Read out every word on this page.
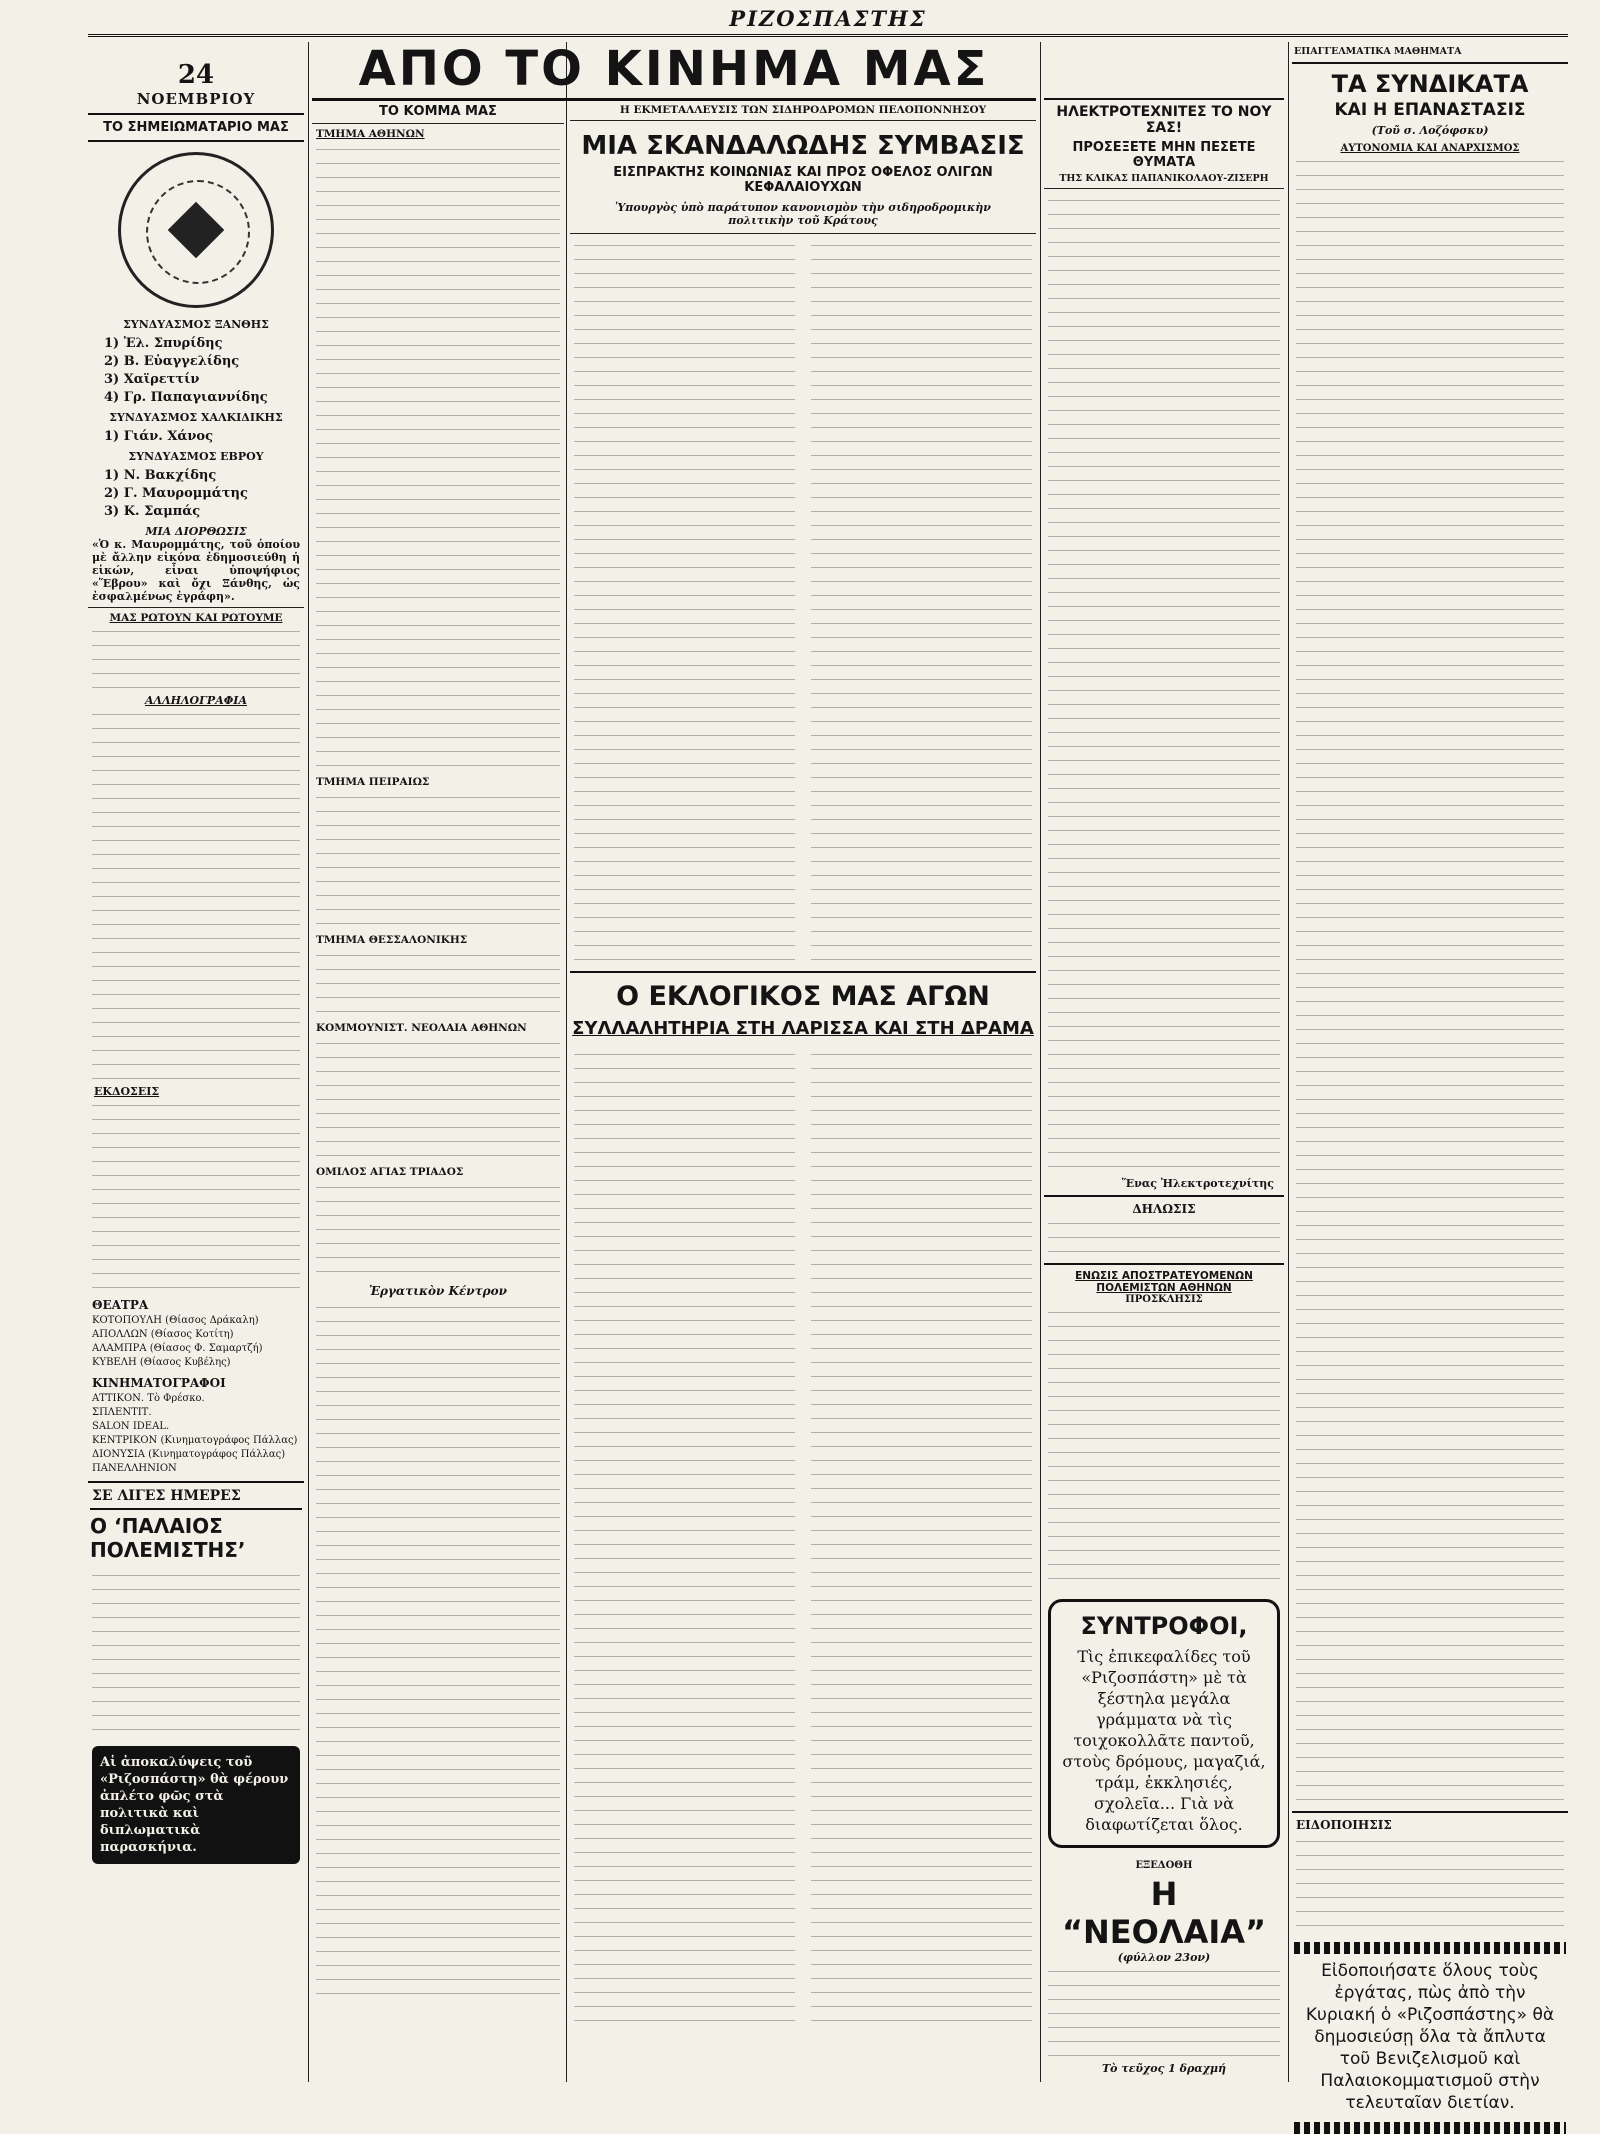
ΡΙΖΟΣΠΑΣΤΗΣ
24
ΝΟΕΜΒΡΙΟΥ
ΤΟ ΣΗΜΕΙΩΜΑΤΑΡΙΟ ΜΑΣ
ΣΥΝΔΥΑΣΜΟΣ ΞΑΝΘΗΣ
1) Ἐλ. Σπυρίδης
2) Β. Εὐαγγελίδης
3) Χαϊρεττίν
4) Γρ. Παπαγιαννίδης
ΣΥΝΔΥΑΣΜΟΣ ΧΑΛΚΙΔΙΚΗΣ
1) Γιάν. Χάνος
ΣΥΝΔΥΑΣΜΟΣ ΕΒΡΟΥ
1) Ν. Βακχίδης
2) Γ. Μαυρομμάτης
3) Κ. Σαμπάς
ΜΙΑ ΔΙΟΡΘΩΣΙΣ
«Ὁ κ. Μαυρομμάτης, τοῦ ὁποίου μὲ ἄλλην εἰκόνα ἐδημοσιεύθη ἡ εἰκών, εἶναι ὑποψήφιος «Ἕβρου» καὶ ὄχι Ξάνθης, ὡς ἐσφαλμένως ἐγράφη».
ΜΑΣ ΡΩΤΟΥΝ ΚΑΙ ΡΩΤΟΥΜΕ
ΑΛΛΗΛΟΓΡΑΦΙΑ
ΕΚΔΟΣΕΙΣ
ΘΕΑΤΡΑ
ΚΟΤΟΠΟΥΛΗ (Θίασος Δράκαλη)
ΑΠΟΛΛΩΝ (Θίασος Κοτίτη)
ΑΛΑΜΠΡΑ (Θίασος Φ. Σαμαρτζή)
ΚΥΒΕΛΗ (Θίασος Κυβέλης)
ΚΙΝΗΜΑΤΟΓΡΑΦΟΙ
ΑΤΤΙΚΟΝ. Τὸ Φρέσκο.
ΣΠΛΕΝΤΙΤ.
SALON IDEAL.
ΚΕΝΤΡΙΚΟΝ (Κινηματογράφος Πάλλας)
ΔΙΟΝΥΣΙΑ (Κινηματογράφος Πάλλας)
ΠΑΝΕΛΛΗΝΙΟΝ
ΣΕ ΛΙΓΕΣ ΗΜΕΡΕΣ
Ο ‘ΠΑΛΑΙΟΣ ΠΟΛΕΜΙΣΤΗΣ’
Αἱ ἀποκαλύψεις τοῦ «Ριζοσπάστη» θὰ φέρουν ἀπλέτο φῶς στὰ πολιτικὰ καὶ διπλωματικὰ παρασκήνια.
ΑΠΟ ΤΟ ΚΙΝΗΜΑ ΜΑΣ
ΤΟ ΚΟΜΜΑ ΜΑΣ
ΤΜΗΜΑ ΑΘΗΝΩΝ
ΤΜΗΜΑ ΠΕΙΡΑΙΩΣ
ΤΜΗΜΑ ΘΕΣΣΑΛΟΝΙΚΗΣ
ΚΟΜΜΟΥΝΙΣΤ. ΝΕΟΛΑΙΑ ΑΘΗΝΩΝ
ΟΜΙΛΟΣ ΑΓΙΑΣ ΤΡΙΑΔΟΣ
Ἐργατικὸν Κέντρον
Η ΕΚΜΕΤΑΛΛΕΥΣΙΣ ΤΩΝ ΣΙΔΗΡΟΔΡΟΜΩΝ ΠΕΛΟΠΟΝΝΗΣΟΥ
ΜΙΑ ΣΚΑΝΔΑΛΩΔΗΣ ΣΥΜΒΑΣΙΣ
ΕΙΣΠΡΑΚΤΗΣ ΚΟΙΝΩΝΙΑΣ ΚΑΙ ΠΡΟΣ ΟΦΕΛΟΣ ΟΛΙΓΩΝ ΚΕΦΑΛΑΙΟΥΧΩΝ
Ὑπουργὸς ὑπὸ παράτυπον κανονισμὸν τὴν σιδηροδρομικὴν πολιτικὴν τοῦ Κράτους
Ο ΕΚΛΟΓΙΚΟΣ ΜΑΣ ΑΓΩΝ
ΣΥΛΛΑΛΗΤΗΡΙΑ ΣΤΗ ΛΑΡΙΣΣΑ ΚΑΙ ΣΤΗ ΔΡΑΜΑ
ΗΛΕΚΤΡΟΤΕΧΝΙΤΕΣ ΤΟ ΝΟΥ ΣΑΣ!
ΠΡΟΣΕΞΕΤΕ ΜΗΝ ΠΕΣΕΤΕ ΘΥΜΑΤΑ
ΤΗΣ ΚΛΙΚΑΣ ΠΑΠΑΝΙΚΟΛΑΟΥ-ΖΙΣΕΡΗ
Ἕνας Ἠλεκτροτεχνίτης
ΔΗΛΩΣΙΣ
ΕΝΩΣΙΣ ΑΠΟΣΤΡΑΤΕΥΟΜΕΝΩΝ ΠΟΛΕΜΙΣΤΩΝ ΑΘΗΝΩΝ
ΠΡΟΣΚΛΗΣΙΣ
ΣΥΝΤΡΟΦΟΙ,
Τὶς ἐπικεφαλίδες τοῦ «Ριζοσπάστη» μὲ τὰ ξέστηλα μεγάλα γράμματα νὰ τὶς τοιχοκολλᾶτε παντοῦ, στοὺς δρόμους, μαγαζιά, τράμ, ἐκκλησιές, σχολεῖα... Γιὰ νὰ διαφωτίζεται ὅλος.
ΕΞΕΔΟΘΗ
Η “ΝΕΟΛΑΙΑ”
(φύλλον 23ον)
Τὸ τεῦχος 1 δραχμή
ΕΠΑΓΓΕΛΜΑΤΙΚΑ ΜΑΘΗΜΑΤΑ
ΤΑ ΣΥΝΔΙΚΑΤΑ
ΚΑΙ Η ΕΠΑΝΑΣΤΑΣΙΣ
(Τοῦ σ. Λοζόφσκυ)
ΑΥΤΟΝΟΜΙΑ ΚΑΙ ΑΝΑΡΧΙΣΜΟΣ
ΕΙΔΟΠΟΙΗΣΙΣ
Εἰδοποιήσατε ὅλους τοὺς ἐργάτας, πὼς ἀπὸ τὴν Κυριακή ὁ «Ριζοσπάστης» θὰ δημοσιεύσῃ ὅλα τὰ ἄπλυτα τοῦ Βενιζελισμοῦ καὶ Παλαιοκομματισμοῦ στὴν τελευταῖαν διετίαν.
